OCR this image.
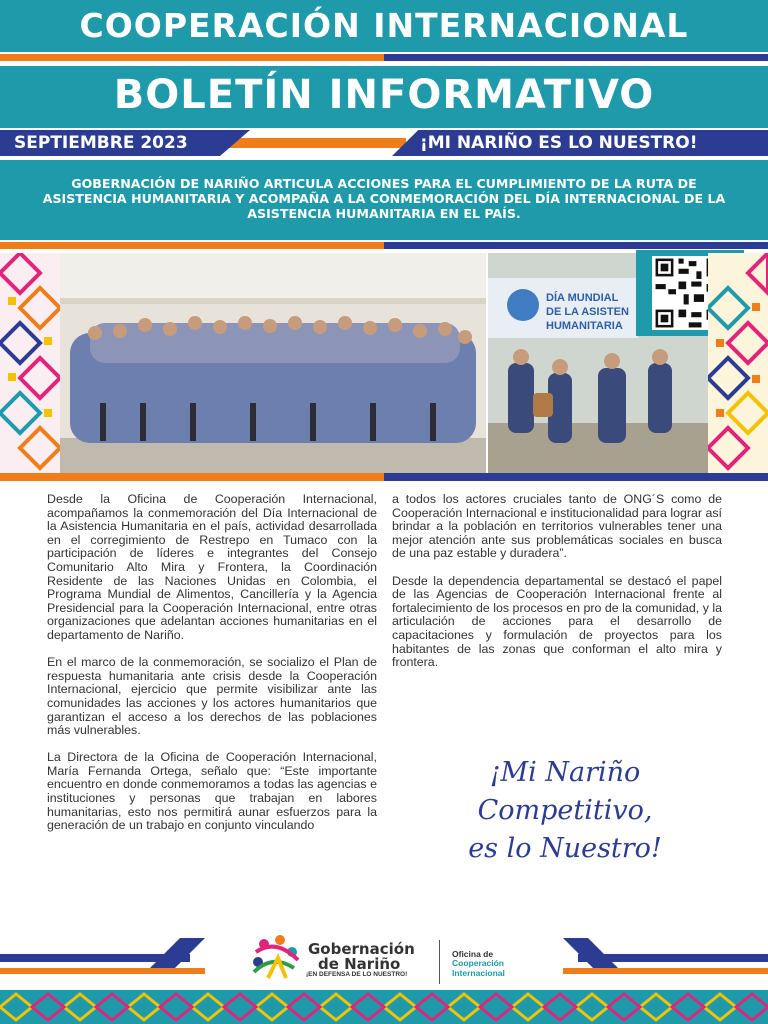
COOPERACIÓN INTERNACIONAL
BOLETÍN INFORMATIVO
SEPTIEMBRE 2023	¡MI NARIÑO ES LO NUESTRO!
GOBERNACIÓN DE NARIÑO ARTICULA ACCIONES PARA EL CUMPLIMIENTO DE LA RUTA DE ASISTENCIA HUMANITARIA Y ACOMPAÑA A LA CONMEMORACIÓN DEL DÍA INTERNACIONAL DE LA ASISTENCIA HUMANITARIA EN EL PAÍS.
DÍA MUNDIAL
DE LA ASISTEN
HUMANITARIA

Desde la Oficina de Cooperación Internacional, acompañamos la conmemoración del Día Internacional de la Asistencia Humanitaria en el país, actividad desarrollada en el corregimiento de Restrepo en Tumaco con la participación de líderes e integrantes del Consejo Comunitario Alto Mira y Frontera, la Coordinación Residente de las Naciones Unidas en Colombia, el Programa Mundial de Alimentos, Cancillería y la Agencia Presidencial para la Cooperación Internacional, entre otras organizaciones que adelantan acciones humanitarias en el departamento de Nariño.

En el marco de la conmemoración, se socializo el Plan de respuesta humanitaria ante crisis desde la Cooperación Internacional, ejercicio que permite visibilizar ante las comunidades las acciones y los actores humanitarios que garantizan el acceso a los derechos de las poblaciones más vulnerables.

La Directora de la Oficina de Cooperación Internacional, María Fernanda Ortega, señalo que: “Este importante encuentro en donde conmemoramos a todas las agencias e instituciones y personas que trabajan en labores humanitarias, esto nos permitirá aunar esfuerzos para la generación de un trabajo en conjunto vinculando

a todos los actores cruciales tanto de ONG´S como de Cooperación Internacional e institucionalidad para lograr así brindar a la población en territorios vulnerables tener una mejor atención ante sus problemáticas sociales en busca de una paz estable y duradera”.

Desde la dependencia departamental se destacó el papel de las Agencias de Cooperación Internacional frente al fortalecimiento de los procesos en pro de la comunidad, y la articulación de acciones para el desarrollo de capacitaciones y formulación de proyectos para los habitantes de las zonas que conforman el alto mira y frontera.

¡Mi Nariño Competitivo,
es lo Nuestro!
Gobernación
de Nariño
¡EN DEFENSA DE LO NUESTRO!
Oficina de
Cooperación
Internacional
